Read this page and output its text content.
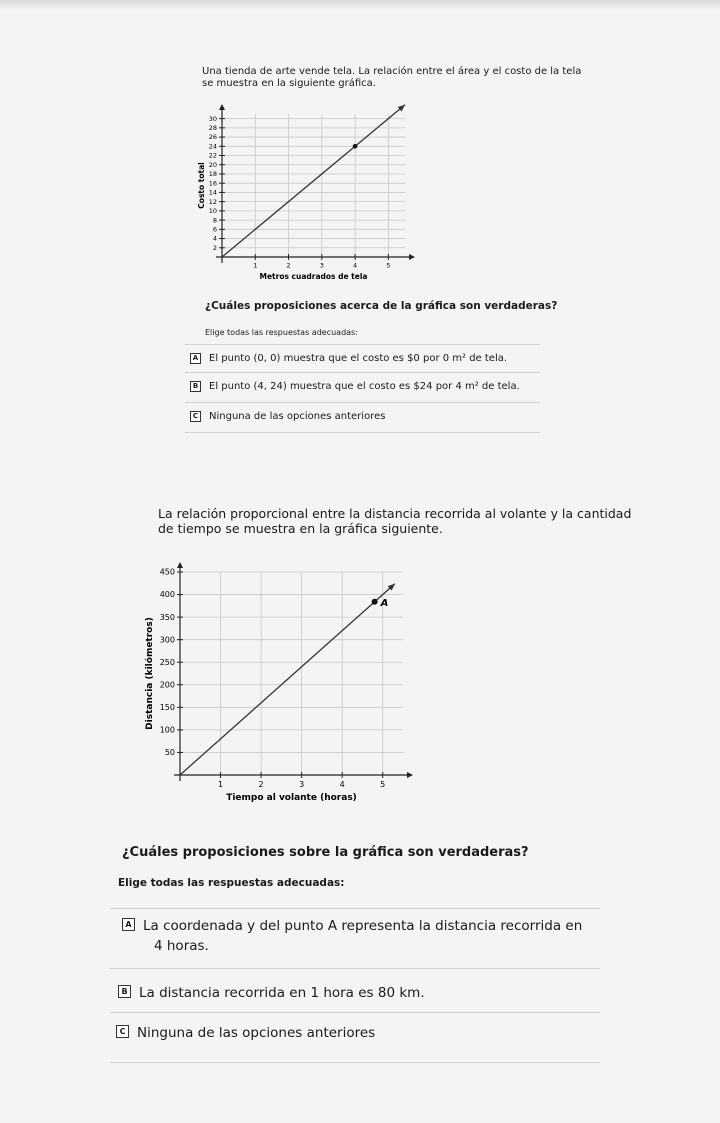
Una tienda de arte vende tela. La relación entre el área y el costo de la tela
se muestra en la siguiente gráfica.
1	2	3	4	5
2
4
6
8
10
12
14
16
18
20
22
24
26
28
30
Metros cuadrados de tela
Costo total
¿Cuáles proposiciones acerca de la gráfica son verdaderas?
Elige todas las respuestas adecuadas:
A El punto (0, 0) muestra que el costo es $0 por 0 m² de tela.
B El punto (4, 24) muestra que el costo es $24 por 4 m² de tela.
C Ninguna de las opciones anteriores
La relación proporcional entre la distancia recorrida al volante y la cantidad
de tiempo se muestra en la gráfica siguiente.
1	2	3	4	5
50
100
150
200
250
300
350
400
450
A
Tiempo al volante (horas)
Distancia (kilómetros)
¿Cuáles proposiciones sobre la gráfica son verdaderas?
Elige todas las respuestas adecuadas:
A La coordenada y del punto A representa la distancia recorrida en
4 horas.
B La distancia recorrida en 1 hora es 80 km.
C Ninguna de las opciones anteriores
